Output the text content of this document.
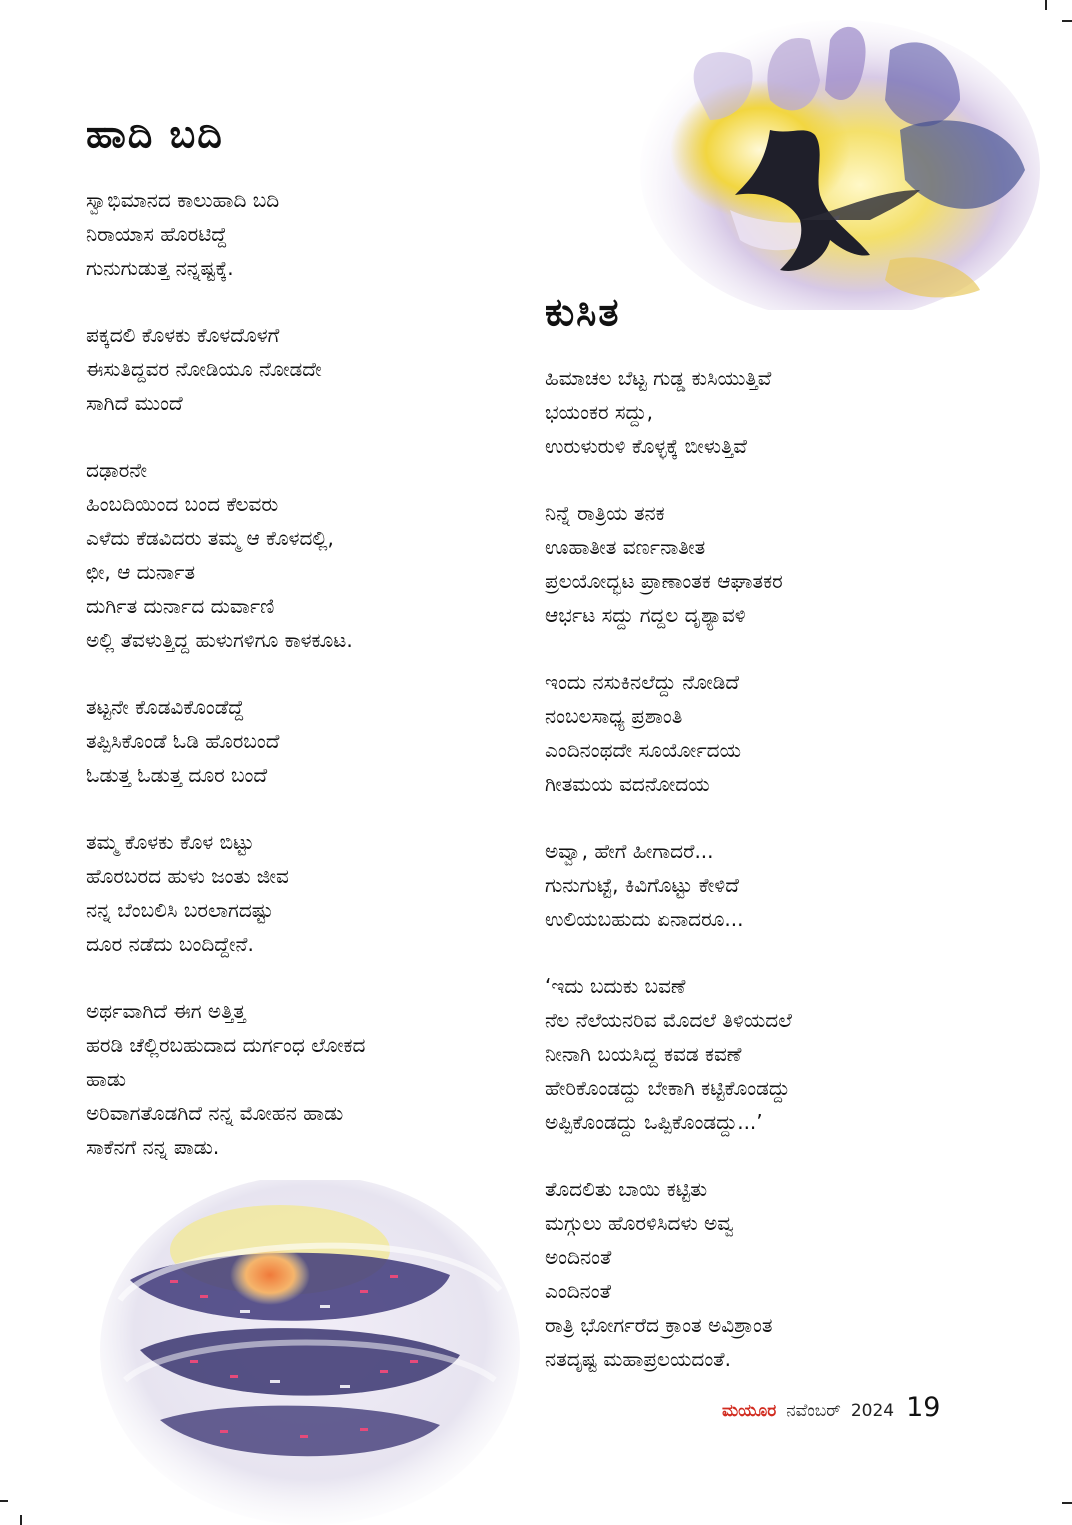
ಹಾದಿ ಬದಿ

ಸ್ವಾಭಿಮಾನದ ಕಾಲುಹಾದಿ ಬದಿ
ನಿರಾಯಾಸ ಹೊರಟಿದ್ದೆ
ಗುನುಗುಡುತ್ತ ನನ್ನಷ್ಟಕ್ಕೆ.

ಪಕ್ಕದಲಿ ಕೊಳಕು ಕೊಳದೊಳಗೆ
ಈಸುತಿದ್ದವರ ನೋಡಿಯೂ ನೋಡದೇ
ಸಾಗಿದೆ ಮುಂದೆ

ದಢಾರನೇ
ಹಿಂಬದಿಯಿಂದ ಬಂದ ಕೆಲವರು
ಎಳೆದು ಕೆಡವಿದರು ತಮ್ಮ ಆ ಕೊಳದಲ್ಲಿ,
ಛೀ, ಆ ದುರ್ನಾತ
ದುರ್ಗಿತ ದುರ್ನಾದ ದುರ್ವಾಣಿ
ಅಲ್ಲಿ ತೆವಳುತ್ತಿದ್ದ ಹುಳುಗಳಿಗೂ ಕಾಳಕೂಟ.

ತಟ್ಟನೇ ಕೊಡವಿಕೊಂಡೆದ್ದೆ
ತಪ್ಪಿಸಿಕೊಂಡೆ ಓಡಿ ಹೊರಬಂದೆ
ಓಡುತ್ತ ಓಡುತ್ತ ದೂರ ಬಂದೆ

ತಮ್ಮ ಕೊಳಕು ಕೊಳ ಬಿಟ್ಟು
ಹೊರಬರದ ಹುಳು ಜಂತು ಜೀವ
ನನ್ನ ಬೆಂಬಲಿಸಿ ಬರಲಾಗದಷ್ಟು
ದೂರ ನಡೆದು ಬಂದಿದ್ದೇನೆ.

ಅರ್ಥವಾಗಿದೆ ಈಗ ಅತ್ತಿತ್ತ
ಹರಡಿ ಚೆಲ್ಲಿರಬಹುದಾದ ದುರ್ಗಂಧ ಲೋಕದ
ಹಾಡು
ಅರಿವಾಗತೊಡಗಿದೆ ನನ್ನ ಮೋಹನ ಹಾಡು
ಸಾಕೆನಗೆ ನನ್ನ ಪಾಡು.

ಕುಸಿತ

ಹಿಮಾಚಲ ಬೆಟ್ಟ ಗುಡ್ಡ ಕುಸಿಯುತ್ತಿವೆ
ಭಯಂಕರ ಸದ್ದು,
ಉರುಳುರುಳಿ ಕೊಳ್ಳಕ್ಕೆ ಬೀಳುತ್ತಿವೆ

ನಿನ್ನೆ ರಾತ್ರಿಯ ತನಕ
ಊಹಾತೀತ ವರ್ಣನಾತೀತ
ಪ್ರಲಯೋದ್ಭಟ ಪ್ರಾಣಾಂತಕ ಆಘಾತಕರ
ಆರ್ಭಟ ಸದ್ದು ಗದ್ದಲ ದೃಶ್ಯಾವಳಿ

ಇಂದು ನಸುಕಿನಲೆದ್ದು ನೋಡಿದೆ
ನಂಬಲಸಾಧ್ಯ ಪ್ರಶಾಂತಿ
ಎಂದಿನಂಥದೇ ಸೂರ್ಯೋದಯ
ಗೀತಮಯ ವದನೋದಯ

ಅವ್ವಾ, ಹೇಗೆ ಹೀಗಾದರೆ...
ಗುನುಗುಟ್ಟೆ, ಕಿವಿಗೊಟ್ಟು ಕೇಳಿದೆ
ಉಲಿಯಬಹುದು ಏನಾದರೂ...

‘ಇದು ಬದುಕು ಬವಣೆ
ನೆಲ ನೆಲೆಯನರಿವ ಮೊದಲೆ ತಿಳಿಯದಲೆ
ನೀನಾಗಿ ಬಯಸಿದ್ದ ಕವಡ ಕವಣೆ
ಹೇರಿಕೊಂಡದ್ದು ಬೇಕಾಗಿ ಕಟ್ಟಿಕೊಂಡದ್ದು
ಅಪ್ಪಿಕೊಂಡದ್ದು ಒಪ್ಪಿಕೊಂಡದ್ದು...’

ತೊದಲಿತು ಬಾಯಿ ಕಟ್ಟಿತು
ಮಗ್ಗುಲು ಹೊರಳಿಸಿದಳು ಅವ್ವ
ಅಂದಿನಂತೆ
ಎಂದಿನಂತೆ
ರಾತ್ರಿ ಭೋರ್ಗರೆದ ಕ್ರಾಂತ ಅವಿಶ್ರಾಂತ
ನತದೃಷ್ಟ ಮಹಾಪ್ರಲಯದಂತೆ.

ಮಯೂರ ನವೆಂಬರ್ 2024 19
